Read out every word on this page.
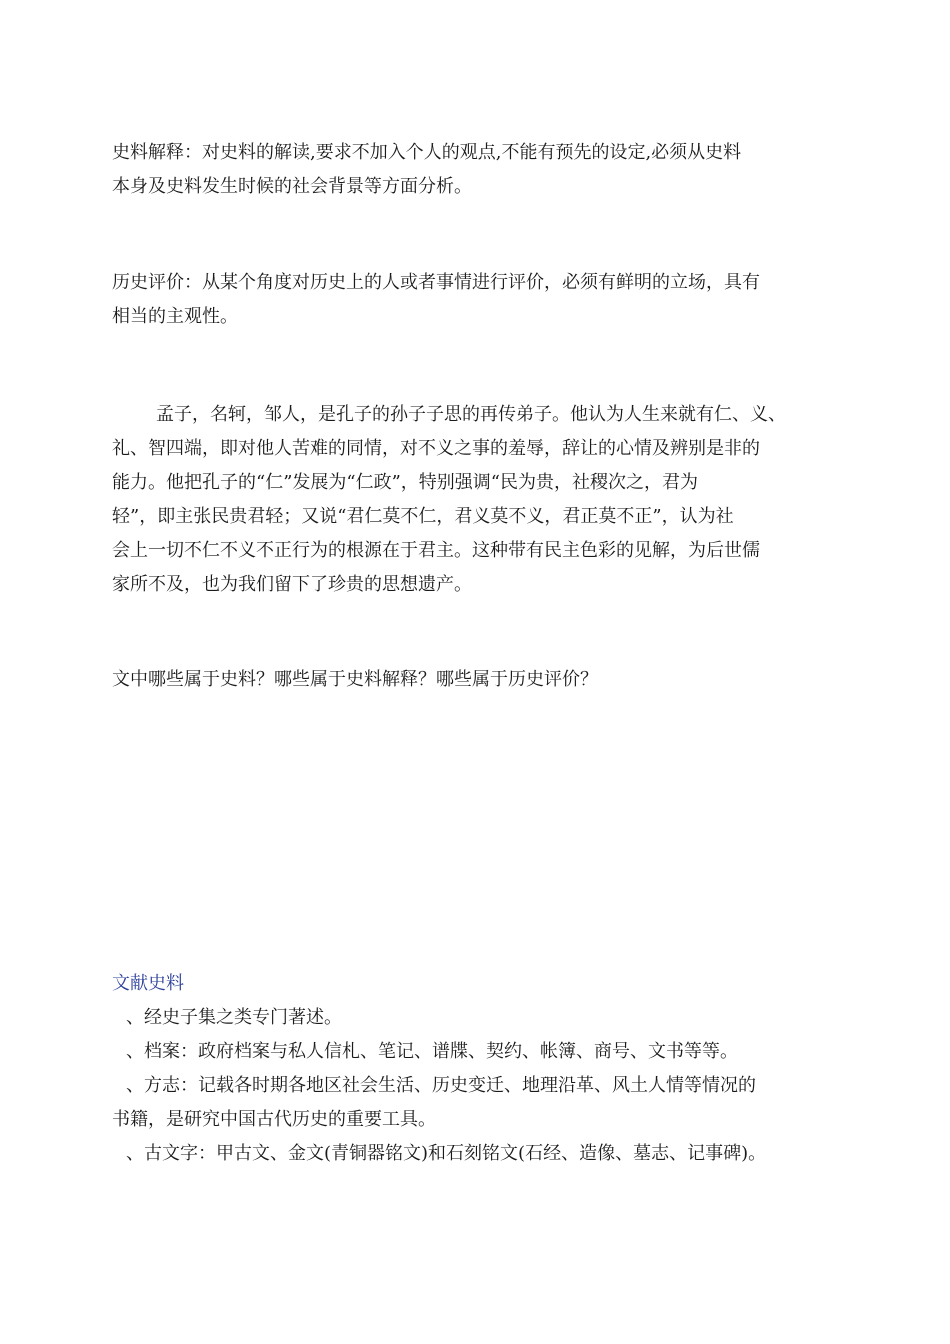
史料解释：对史料的解读,要求不加入个人的观点,不能有预先的设定,必须从史料
本身及史料发生时候的社会背景等方面分析。

历史评价：从某个角度对历史上的人或者事情进行评价，必须有鲜明的立场，具有
相当的主观性。

孟子，名轲，邹人，是孔子的孙子子思的再传弟子。他认为人生来就有仁、义、
礼、智四端，即对他人苦难的同情，对不义之事的羞辱，辞让的心情及辨别是非的
能力。他把孔子的“仁”发展为“仁政”，特别强调“民为贵，社稷次之，君为
轻”，即主张民贵君轻；又说“君仁莫不仁，君义莫不义，君正莫不正”，认为社
会上一切不仁不义不正行为的根源在于君主。这种带有民主色彩的见解，为后世儒
家所不及，也为我们留下了珍贵的思想遗产。

文中哪些属于史料？哪些属于史料解释？哪些属于历史评价？

文献史料
、经史子集之类专门著述。
、档案：政府档案与私人信札、笔记、谱牒、契约、帐簿、商号、文书等等。
、方志：记载各时期各地区社会生活、历史变迁、地理沿革、风土人情等情况的
书籍，是研究中国古代历史的重要工具。
、古文字：甲古文、金文(青铜器铭文)和石刻铭文(石经、造像、墓志、记事碑)。
